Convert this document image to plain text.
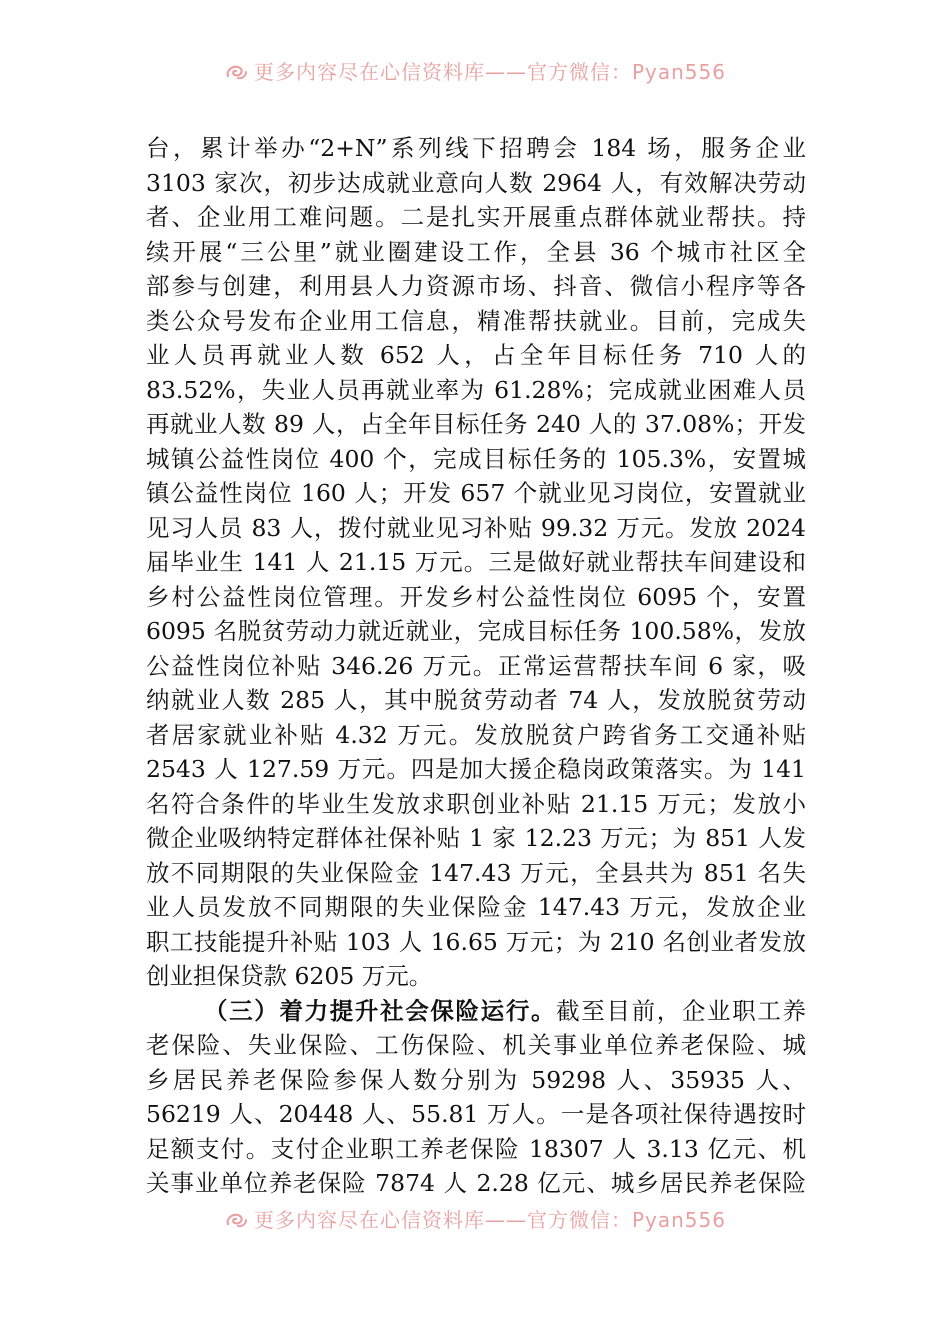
更多内容尽在心信资料库——官方微信：Pyan556
台，累计举办“2+N”系列线下招聘会 184 场，服务企业
3103 家次，初步达成就业意向人数 2964 人，有效解决劳动
者、企业用工难问题。二是扎实开展重点群体就业帮扶。持
续开展“三公里”就业圈建设工作，全县 36 个城市社区全
部参与创建，利用县人力资源市场、抖音、微信小程序等各
类公众号发布企业用工信息，精准帮扶就业。目前，完成失
业人员再就业人数 652 人，占全年目标任务 710 人的
83.52%，失业人员再就业率为 61.28%；完成就业困难人员
再就业人数 89 人，占全年目标任务 240 人的 37.08%；开发
城镇公益性岗位 400 个，完成目标任务的 105.3%，安置城
镇公益性岗位 160 人；开发 657 个就业见习岗位，安置就业
见习人员 83 人，拨付就业见习补贴 99.32 万元。发放 2024
届毕业生 141 人 21.15 万元。三是做好就业帮扶车间建设和
乡村公益性岗位管理。开发乡村公益性岗位 6095 个，安置
6095 名脱贫劳动力就近就业，完成目标任务 100.58%，发放
公益性岗位补贴 346.26 万元。正常运营帮扶车间 6 家，吸
纳就业人数 285 人，其中脱贫劳动者 74 人，发放脱贫劳动
者居家就业补贴 4.32 万元。发放脱贫户跨省务工交通补贴
2543 人 127.59 万元。四是加大援企稳岗政策落实。为 141
名符合条件的毕业生发放求职创业补贴 21.15 万元；发放小
微企业吸纳特定群体社保补贴 1 家 12.23 万元；为 851 人发
放不同期限的失业保险金 147.43 万元，全县共为 851 名失
业人员发放不同期限的失业保险金 147.43 万元，发放企业
职工技能提升补贴 103 人 16.65 万元；为 210 名创业者发放
创业担保贷款 6205 万元。
（三）着力提升社会保险运行。截至目前，企业职工养
老保险、失业保险、工伤保险、机关事业单位养老保险、城
乡居民养老保险参保人数分别为 59298 人、35935 人、
56219 人、20448 人、55.81 万人。一是各项社保待遇按时
足额支付。支付企业职工养老保险 18307 人 3.13 亿元、机
关事业单位养老保险 7874 人 2.28 亿元、城乡居民养老保险
更多内容尽在心信资料库——官方微信：Pyan556
